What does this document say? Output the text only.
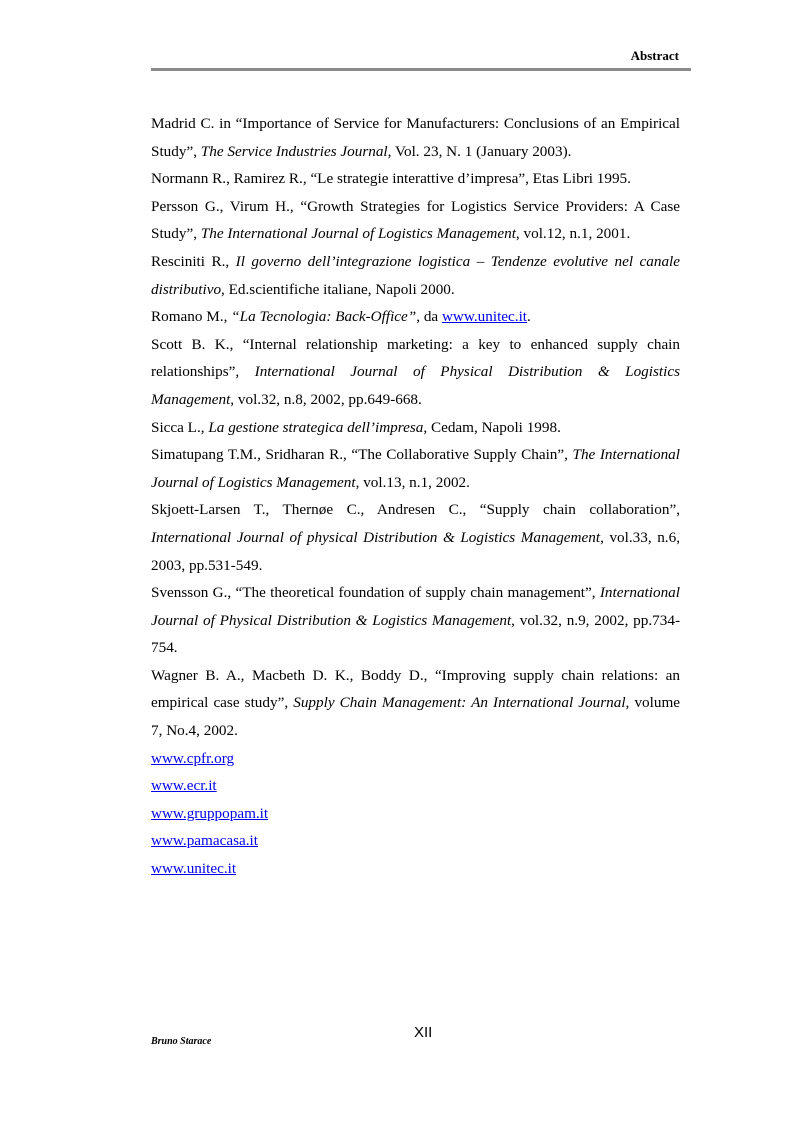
Abstract

Madrid C. in “Importance of Service for Manufacturers: Conclusions of an Empirical Study”, The Service Industries Journal, Vol. 23, N. 1 (January 2003).

Normann R., Ramirez R., “Le strategie interattive d’impresa”, Etas Libri 1995.

Persson G., Virum H., “Growth Strategies for Logistics Service Providers: A Case Study”, The International Journal of Logistics Management, vol.12, n.1, 2001.

Resciniti R., Il governo dell’integrazione logistica – Tendenze evolutive nel canale distributivo, Ed.scientifiche italiane, Napoli 2000.

Romano M., “La Tecnologia: Back-Office”, da www.unitec.it.

Scott B. K., “Internal relationship marketing: a key to enhanced supply chain relationships”, International Journal of Physical Distribution & Logistics Management, vol.32, n.8, 2002, pp.649-668.

Sicca L., La gestione strategica dell’impresa, Cedam, Napoli 1998.

Simatupang T.M., Sridharan R., “The Collaborative Supply Chain”, The International Journal of Logistics Management, vol.13, n.1, 2002.

Skjoett-Larsen T., Thernøe C., Andresen C., “Supply chain collaboration”, International Journal of physical Distribution & Logistics Management, vol.33, n.6, 2003, pp.531-549.

Svensson G., “The theoretical foundation of supply chain management”, International Journal of Physical Distribution & Logistics Management, vol.32, n.9, 2002, pp.734-754.

Wagner B. A., Macbeth D. K., Boddy D., “Improving supply chain relations: an empirical case study”, Supply Chain Management: An International Journal, volume 7, No.4, 2002.

www.cpfr.org
www.ecr.it
www.gruppopam.it
www.pamacasa.it
www.unitec.it
Bruno Starace
XII
